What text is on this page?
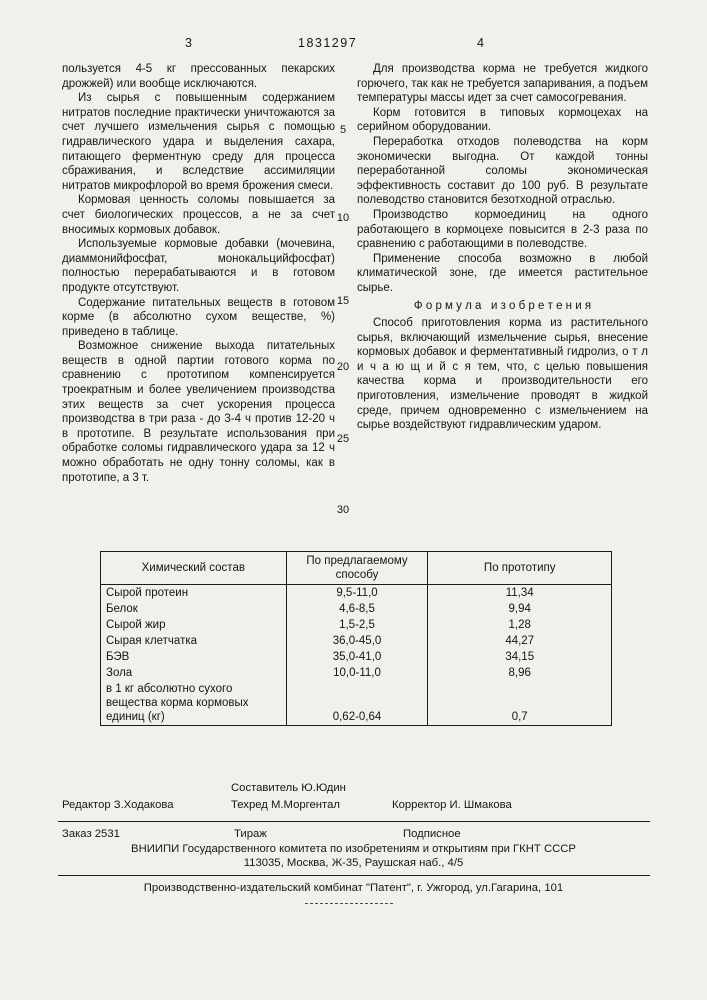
3	1831297	4

пользуется 4-5 кг прессованных пекарских дрожжей) или вообще исключаются.

Из сырья с повышенным содержанием нитратов последние практически уничтожаются за счет лучшего измельчения сырья с помощью гидравлического удара и выделения сахара, питающего ферментную среду для процесса сбраживания, и вследствие ассимиляции нитратов микрофлорой во время брожения смеси.

Кормовая ценность соломы повышается за счет биологических процессов, а не за счет вносимых кормовых добавок.

Используемые кормовые добавки (мочевина, диаммонийфосфат, монокальцийфосфат) полностью перерабатываются и в готовом продукте отсутствуют.

Содержание питательных веществ в готовом корме (в абсолютно сухом веществе, %) приведено в таблице.

Возможное снижение выхода питательных веществ в одной партии готового корма по сравнению с прототипом компенсируется троекратным и более увеличением производства этих веществ за счет ускорения процесса производства в три раза - до 3-4 ч против 12-20 ч в прототипе. В результате использования при обработке соломы гидравлического удара за 12 ч можно обработать не одну тонну соломы, как в прототипе, а 3 т.

5
10
15
20
25
30

Для производства корма не требуется жидкого горючего, так как не требуется запаривания, а подъем температуры массы идет за счет самосогревания.

Корм готовится в типовых кормоцехах на серийном оборудовании.

Переработка отходов полеводства на корм экономически выгодна. От каждой тонны переработанной соломы экономическая эффективность составит до 100 руб. В результате полеводство становится безотходной отраслью.

Производство кормоединиц на одного работающего в кормоцехе повысится в 2-3 раза по сравнению с работающими в полеводстве.

Применение способа возможно в любой климатической зоне, где имеется растительное сырье.

Ф о р м у л а   и з о б р е т е н и я

Способ приготовления корма из растительного сырья, включающий измельчение сырья, внесение кормовых добавок и ферментативный гидролиз, о т л и ч а ю щ и й с я тем, что, с целью повышения качества корма и производительности его приготовления, измельчение проводят в жидкой среде, причем одновременно с измельчением на сырье воздействуют гидравлическим ударом.

Химический состав	По предлагаемому способу	По прототипу
Сырой протеин	9,5-11,0	11,34
Белок	4,6-8,5	9,94
Сырой жир	1,5-2,5	1,28
Сырая клетчатка	36,0-45,0	44,27
БЭВ	35,0-41,0	34,15
Зола	10,0-11,0	8,96
в 1 кг абсолютно сухого вещества корма кормовых единиц (кг)	0,62-0,64	0,7
Составитель Ю.Юдин
Редактор З.Ходакова	Техред М.Моргентал	Корректор И. Шмакова
Заказ 2531	Тираж	Подписное
ВНИИПИ Государственного комитета по изобретениям и открытиям при ГКНТ СССР
113035, Москва, Ж-35, Раушская наб., 4/5
Производственно-издательский комбинат "Патент", г. Ужгород, ул.Гагарина, 101
